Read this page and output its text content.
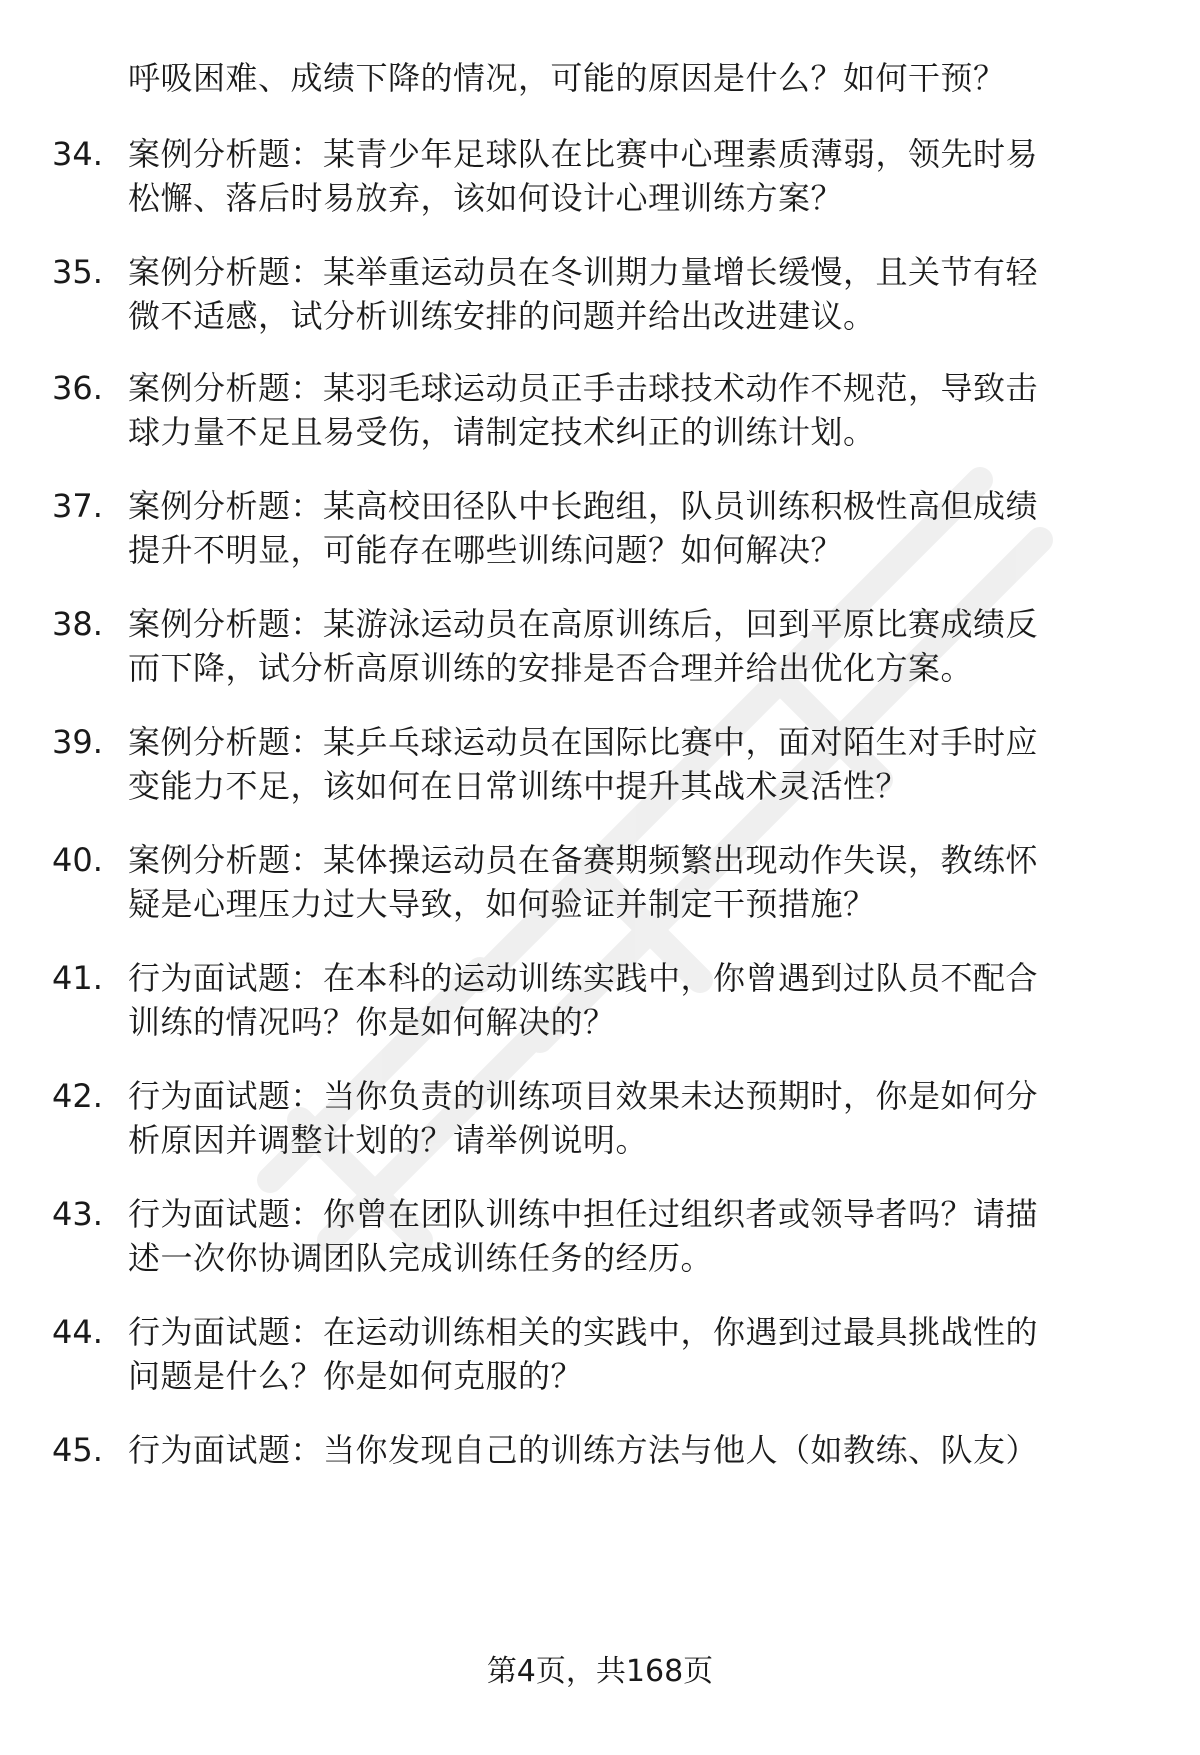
呼吸困难、成绩下降的情况，可能的原因是什么？如何干预？
34. 案例分析题：某青少年足球队在比赛中心理素质薄弱，领先时易
松懈、落后时易放弃，该如何设计心理训练方案？
35. 案例分析题：某举重运动员在冬训期力量增长缓慢，且关节有轻
微不适感，试分析训练安排的问题并给出改进建议。
36. 案例分析题：某羽毛球运动员正手击球技术动作不规范，导致击
球力量不足且易受伤，请制定技术纠正的训练计划。
37. 案例分析题：某高校田径队中长跑组，队员训练积极性高但成绩
提升不明显，可能存在哪些训练问题？如何解决？
38. 案例分析题：某游泳运动员在高原训练后，回到平原比赛成绩反
而下降，试分析高原训练的安排是否合理并给出优化方案。
39. 案例分析题：某乒乓球运动员在国际比赛中，面对陌生对手时应
变能力不足，该如何在日常训练中提升其战术灵活性？
40. 案例分析题：某体操运动员在备赛期频繁出现动作失误，教练怀
疑是心理压力过大导致，如何验证并制定干预措施？
41. 行为面试题：在本科的运动训练实践中，你曾遇到过队员不配合
训练的情况吗？你是如何解决的？
42. 行为面试题：当你负责的训练项目效果未达预期时，你是如何分
析原因并调整计划的？请举例说明。
43. 行为面试题：你曾在团队训练中担任过组织者或领导者吗？请描
述一次你协调团队完成训练任务的经历。
44. 行为面试题：在运动训练相关的实践中，你遇到过最具挑战性的
问题是什么？你是如何克服的？
45. 行为面试题：当你发现自己的训练方法与他人（如教练、队友）
第4页，共168页
